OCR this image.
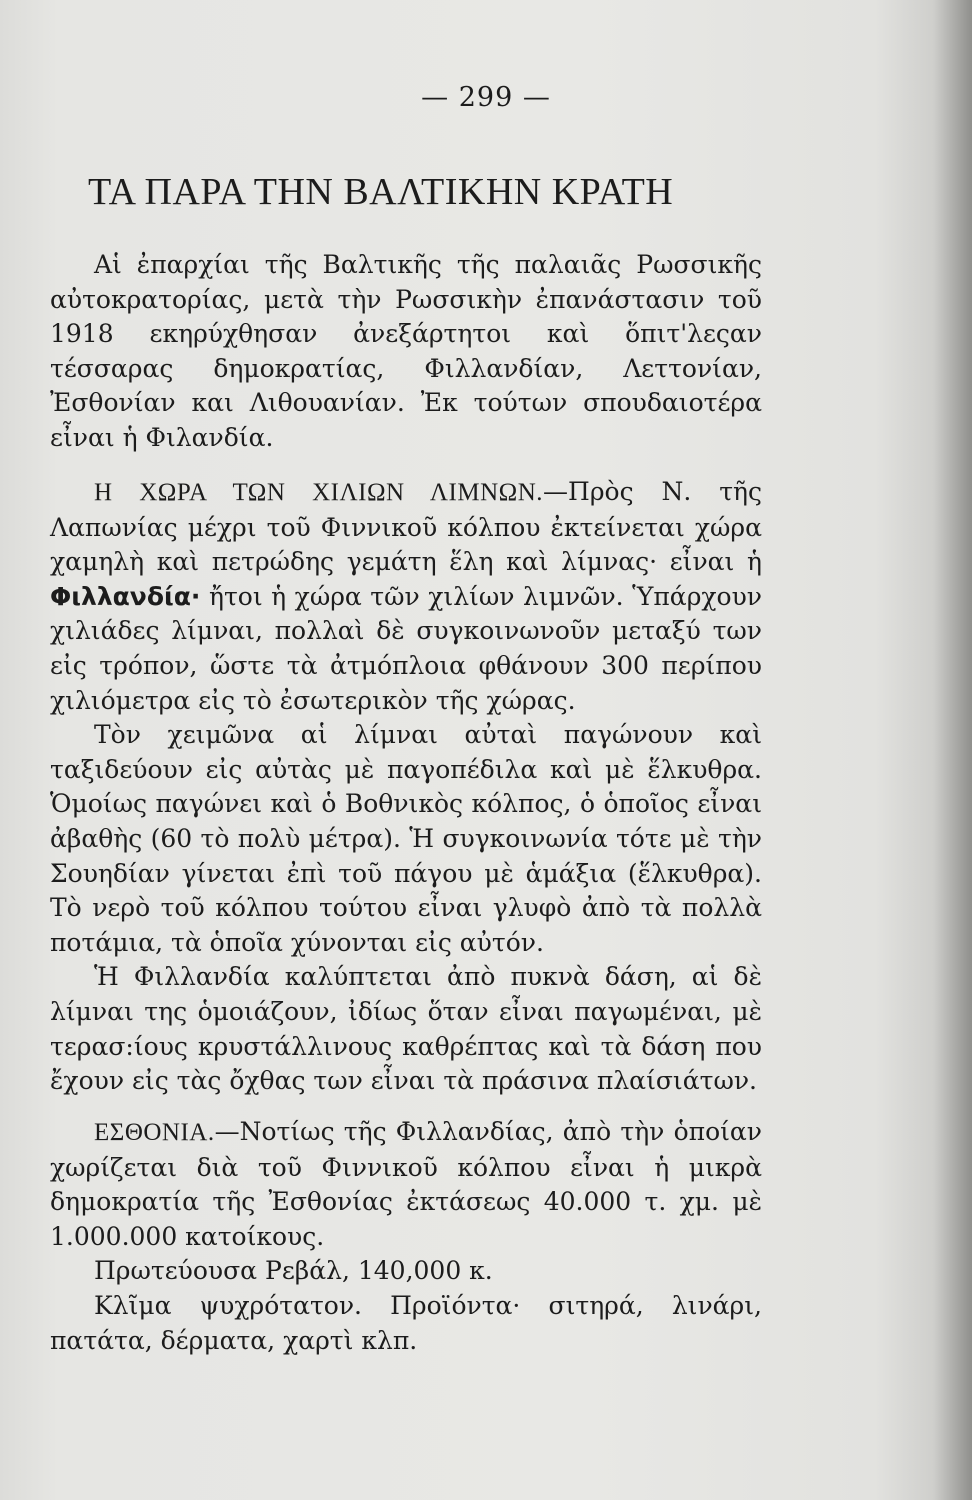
— 299 —
ΤΑ ΠΑΡΑ ΤΗΝ ΒΑΛΤΙΚΗΝ ΚΡΑΤΗ

Αἱ ἐπαρχίαι τῆς Βαλτικῆς τῆς παλαιᾶς Ρωσσικῆς αὐτοκρατορίας, μετὰ τὴν Ρωσσικὴν ἐπανάστασιν τοῦ 1918 εκηρύχθησαν ἀνεξάρτητοι καὶ ὅπιτ'λεςαν τέσσαρας δημοκρατίας, Φιλλανδίαν, Λεττονίαν, Ἐσθονίαν και Λιθουανίαν. Ἐκ τούτων σπουδαιοτέρα εἶναι ἡ Φιλανδία.

Η ΧΩΡΑ ΤΩΝ ΧΙΛΙΩΝ ΛΙΜΝΩΝ.—Πρὸς Ν. τῆς Λαπωνίας μέχρι τοῦ Φιννικοῦ κόλπου ἐκτείνεται χώρα χαμηλὴ καὶ πετρώδης γεμάτη ἕλη καὶ λίμνας· εἶναι ἡ Φιλλανδία· ἤτοι ἡ χώρα τῶν χιλίων λιμνῶν. Ὑπάρχουν χιλιάδες λίμναι, πολλαὶ δὲ συγκοινωνοῦν μεταξύ των εἰς τρόπον, ὥστε τὰ ἀτμόπλοια φθάνουν 300 περίπου χιλιόμετρα εἰς τὸ ἐσωτερικὸν τῆς χώρας.

Τὸν χειμῶνα αἱ λίμναι αὐταὶ παγώνουν καὶ ταξιδεύουν εἰς αὐτὰς μὲ παγοπέδιλα καὶ μὲ ἕλκυθρα. Ὁμοίως παγώνει καὶ ὁ Βοθνικὸς κόλπος, ὁ ὁποῖος εἶναι ἀβαθὴς (60 τὸ πολὺ μέτρα). Ἡ συγκοινωνία τότε μὲ τὴν Σουηδίαν γίνεται ἐπὶ τοῦ πάγου μὲ ἁμάξια (ἕλκυθρα). Τὸ νερὸ τοῦ κόλπου τούτου εἶναι γλυφὸ ἀπὸ τὰ πολλὰ ποτάμια, τὰ ὁποῖα χύνονται εἰς αὐτόν.

Ἡ Φιλλανδία καλύπτεται ἀπὸ πυκνὰ δάση, αἱ δὲ λίμναι της ὁμοιάζουν, ἰδίως ὅταν εἶναι παγωμέναι, μὲ τερασ:ίους κρυστάλλινους καθρέπτας καὶ τὰ δάση που ἔχουν εἰς τὰς ὄχθας των εἶναι τὰ πράσινα πλαίσιάτων.

ΕΣΘΟΝΙΑ.—Νοτίως τῆς Φιλλανδίας, ἀπὸ τὴν ὁποίαν χωρίζεται διὰ τοῦ Φιννικοῦ κόλπου εἶναι ἡ μικρὰ δημοκρατία τῆς Ἐσθονίας ἐκτάσεως 40.000 τ. χμ. μὲ 1.000.000 κατοίκους.

Πρωτεύουσα Ρεβάλ, 140,000 κ.

Κλῖμα ψυχρότατον. Προϊόντα· σιτηρά, λινάρι, πατάτα, δέρματα, χαρτὶ κλπ.
